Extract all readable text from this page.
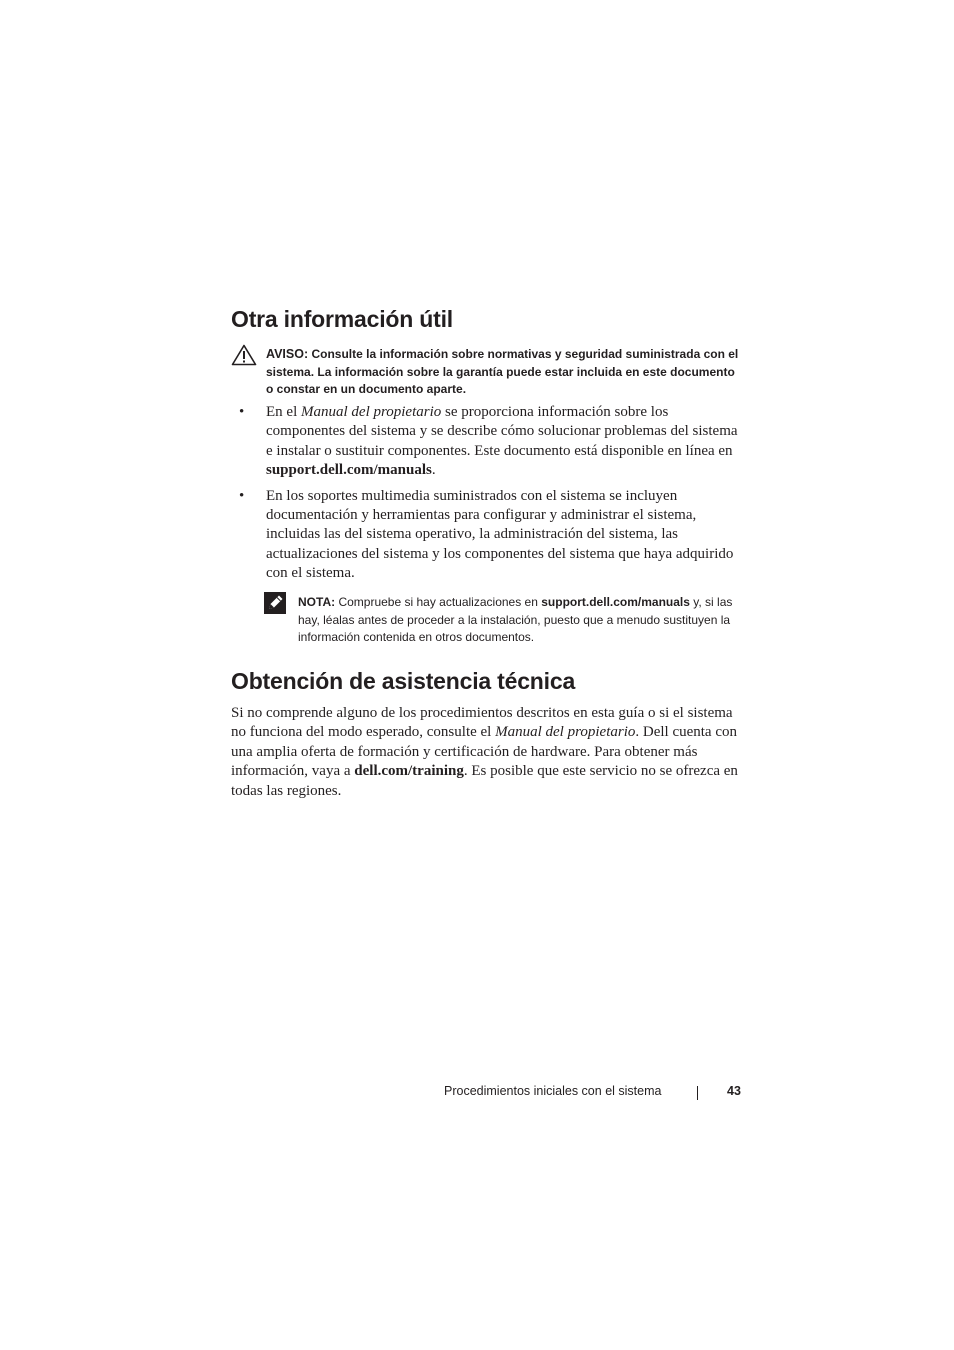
Otra información útil
AVISO: Consulte la información sobre normativas y seguridad suministrada con el sistema. La información sobre la garantía puede estar incluida en este documento o constar en un documento aparte.
• En el Manual del propietario se proporciona información sobre los componentes del sistema y se describe cómo solucionar problemas del sistema e instalar o sustituir componentes. Este documento está disponible en línea en support.dell.com/manuals.
• En los soportes multimedia suministrados con el sistema se incluyen documentación y herramientas para configurar y administrar el sistema, incluidas las del sistema operativo, la administración del sistema, las actualizaciones del sistema y los componentes del sistema que haya adquirido con el sistema.
NOTA: Compruebe si hay actualizaciones en support.dell.com/manuals y, si las hay, léalas antes de proceder a la instalación, puesto que a menudo sustituyen la información contenida en otros documentos.
Obtención de asistencia técnica

Si no comprende alguno de los procedimientos descritos en esta guía o si el sistema no funciona del modo esperado, consulte el Manual del propietario. Dell cuenta con una amplia oferta de formación y certificación de hardware. Para obtener más información, vaya a dell.com/training. Es posible que este servicio no se ofrezca en todas las regiones.

Procedimientos iniciales con el sistema	43
